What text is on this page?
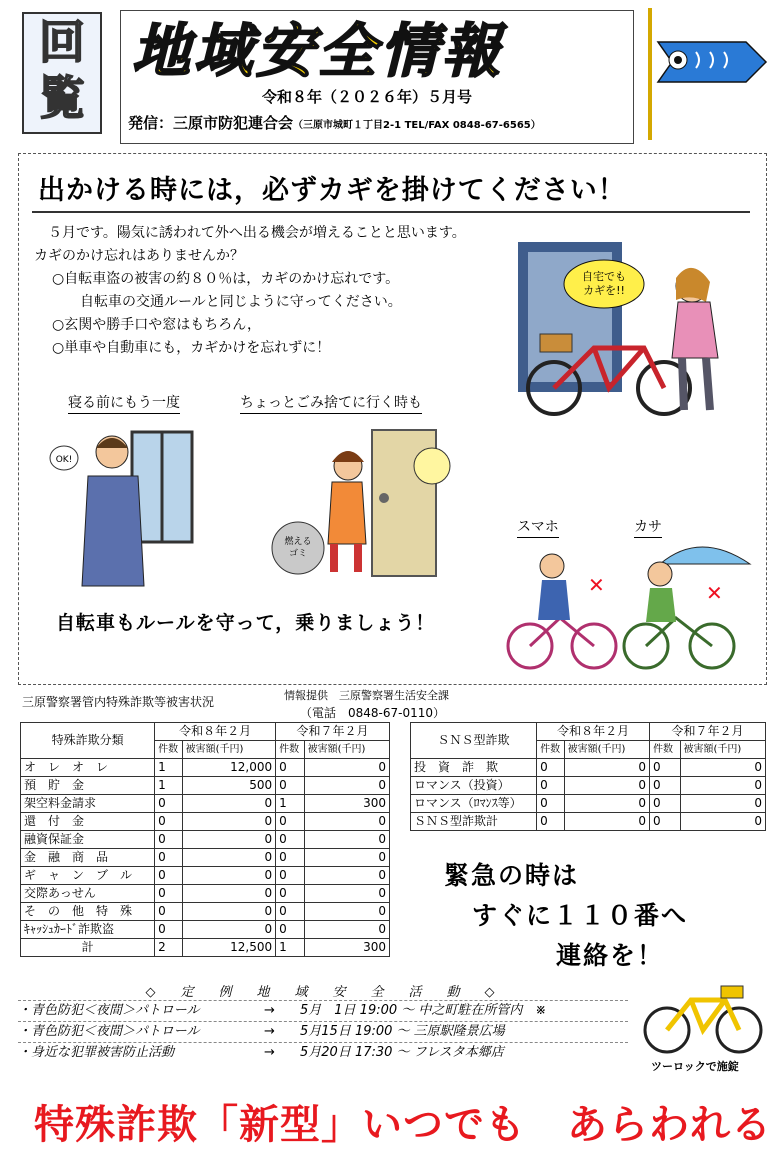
回
覧
地域安全情報
令和８年（２０２６年）５月号
発信：三原市防犯連合会（三原市城町１丁目2-1 TEL/FAX 0848-67-6565）
出かける時には，必ずカギを掛けてください！
　５月です。陽気に誘われて外へ出る機会が増えることと思います。
カギのかけ忘れはありませんか？
○自転車盗の被害の約８０％は，カギのかけ忘れです。
　　自転車の交通ルールと同じように守ってください。
○玄関や勝手口や窓はもちろん，
○単車や自動車にも，カギかけを忘れずに！
自宅でも
カギを!!
寝る前にもう一度	ちょっとごみ捨てに行く時も
OK!
燃える
ゴミ
スマホ	カサ
✕	✕
自転車もルールを守って，乗りましょう！
三原警察署管内特殊詐欺等被害状況	情報提供　三原警察署生活安全課
（電話　0848-67-0110）
特殊詐欺分類	令和８年２月		令和７年２月	
	件数	被害額(千円)	件数	被害額(千円)
オ　レ　オ　レ	1	12,000	0	0
預　貯　金	1	500	0	0
架空料金請求	0	0	1	300
還　付　金	0	0	0	0
融資保証金	0	0	0	0
金　融　商　品	0	0	0	0
ギ　ャ　ン　ブ　ル	0	0	0	0
交際あっせん	0	0	0	0
そ　の　他　特　殊	0	0	0	0
ｷｬｯｼｭｶｰﾄﾞ詐欺盗	0	0	0	0
計	2	12,500	1	300
ＳＮＳ型詐欺	令和８年２月		令和７年２月	
	件数	被害額(千円)	件数	被害額(千円)
投　資　詐　欺	0	0	0	0
ロマンス（投資）	0	0	0	0
ロマンス（ﾛﾏﾝｽ等）	0	0	0	0
ＳＮＳ型詐欺計	0	0	0	0
緊急の時は
すぐに１１０番へ
連絡を！
◇　定　例　地　域　安　全　活　動　◇
・青色防犯＜夜間＞パトロール	→ 5月　1日 19:00 ～ 中之町駐在所管内　※
・青色防犯＜夜間＞パトロール	→ 5月15日 19:00 ～ 三原駅隆景広場
・身近な犯罪被害防止活動	→ 5月20日 17:30 ～ フレスタ本郷店
ツーロックで施錠
特殊詐欺「新型」いつでも　あらわれる
